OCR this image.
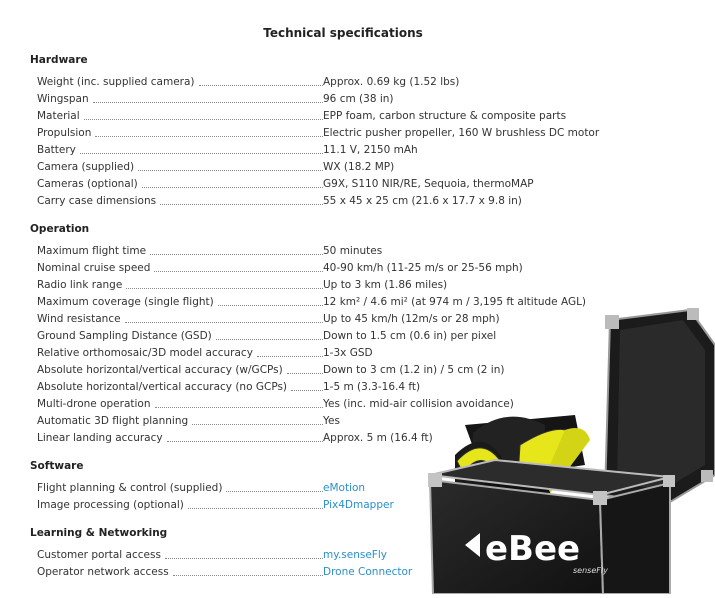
Technical specifications
Hardware
Weight (inc. supplied camera)	Approx. 0.69 kg (1.52 lbs)
Wingspan	96 cm (38 in)
Material	EPP foam, carbon structure & composite parts
Propulsion	Electric pusher propeller, 160 W brushless DC motor
Battery	11.1 V, 2150 mAh
Camera (supplied)	WX (18.2 MP)
Cameras (optional)	G9X, S110 NIR/RE, Sequoia, thermoMAP
Carry case dimensions	55 x 45 x 25 cm (21.6 x 17.7 x 9.8 in)
Operation
Maximum flight time	50 minutes
Nominal cruise speed	40-90 km/h (11-25 m/s or 25-56 mph)
Radio link range	Up to 3 km (1.86 miles)
Maximum coverage (single flight)	12 km² / 4.6 mi² (at 974 m / 3,195 ft altitude AGL)
Wind resistance	Up to 45 km/h (12m/s or 28 mph)
Ground Sampling Distance (GSD)	Down to 1.5 cm (0.6 in) per pixel
Relative orthomosaic/3D model accuracy	1-3x GSD
Absolute horizontal/vertical accuracy (w/GCPs)	Down to 3 cm (1.2 in) / 5 cm (2 in)
Absolute horizontal/vertical accuracy (no GCPs)	1-5 m (3.3-16.4 ft)
Multi-drone operation	Yes (inc. mid-air collision avoidance)
Automatic 3D flight planning	Yes
Linear landing accuracy	Approx. 5 m (16.4 ft)
Software
Flight planning & control (supplied)	eMotion
Image processing (optional)	Pix4Dmapper
Learning & Networking
Customer portal access	my.senseFly
Operator network access	Drone Connector
eBee
senseFly
